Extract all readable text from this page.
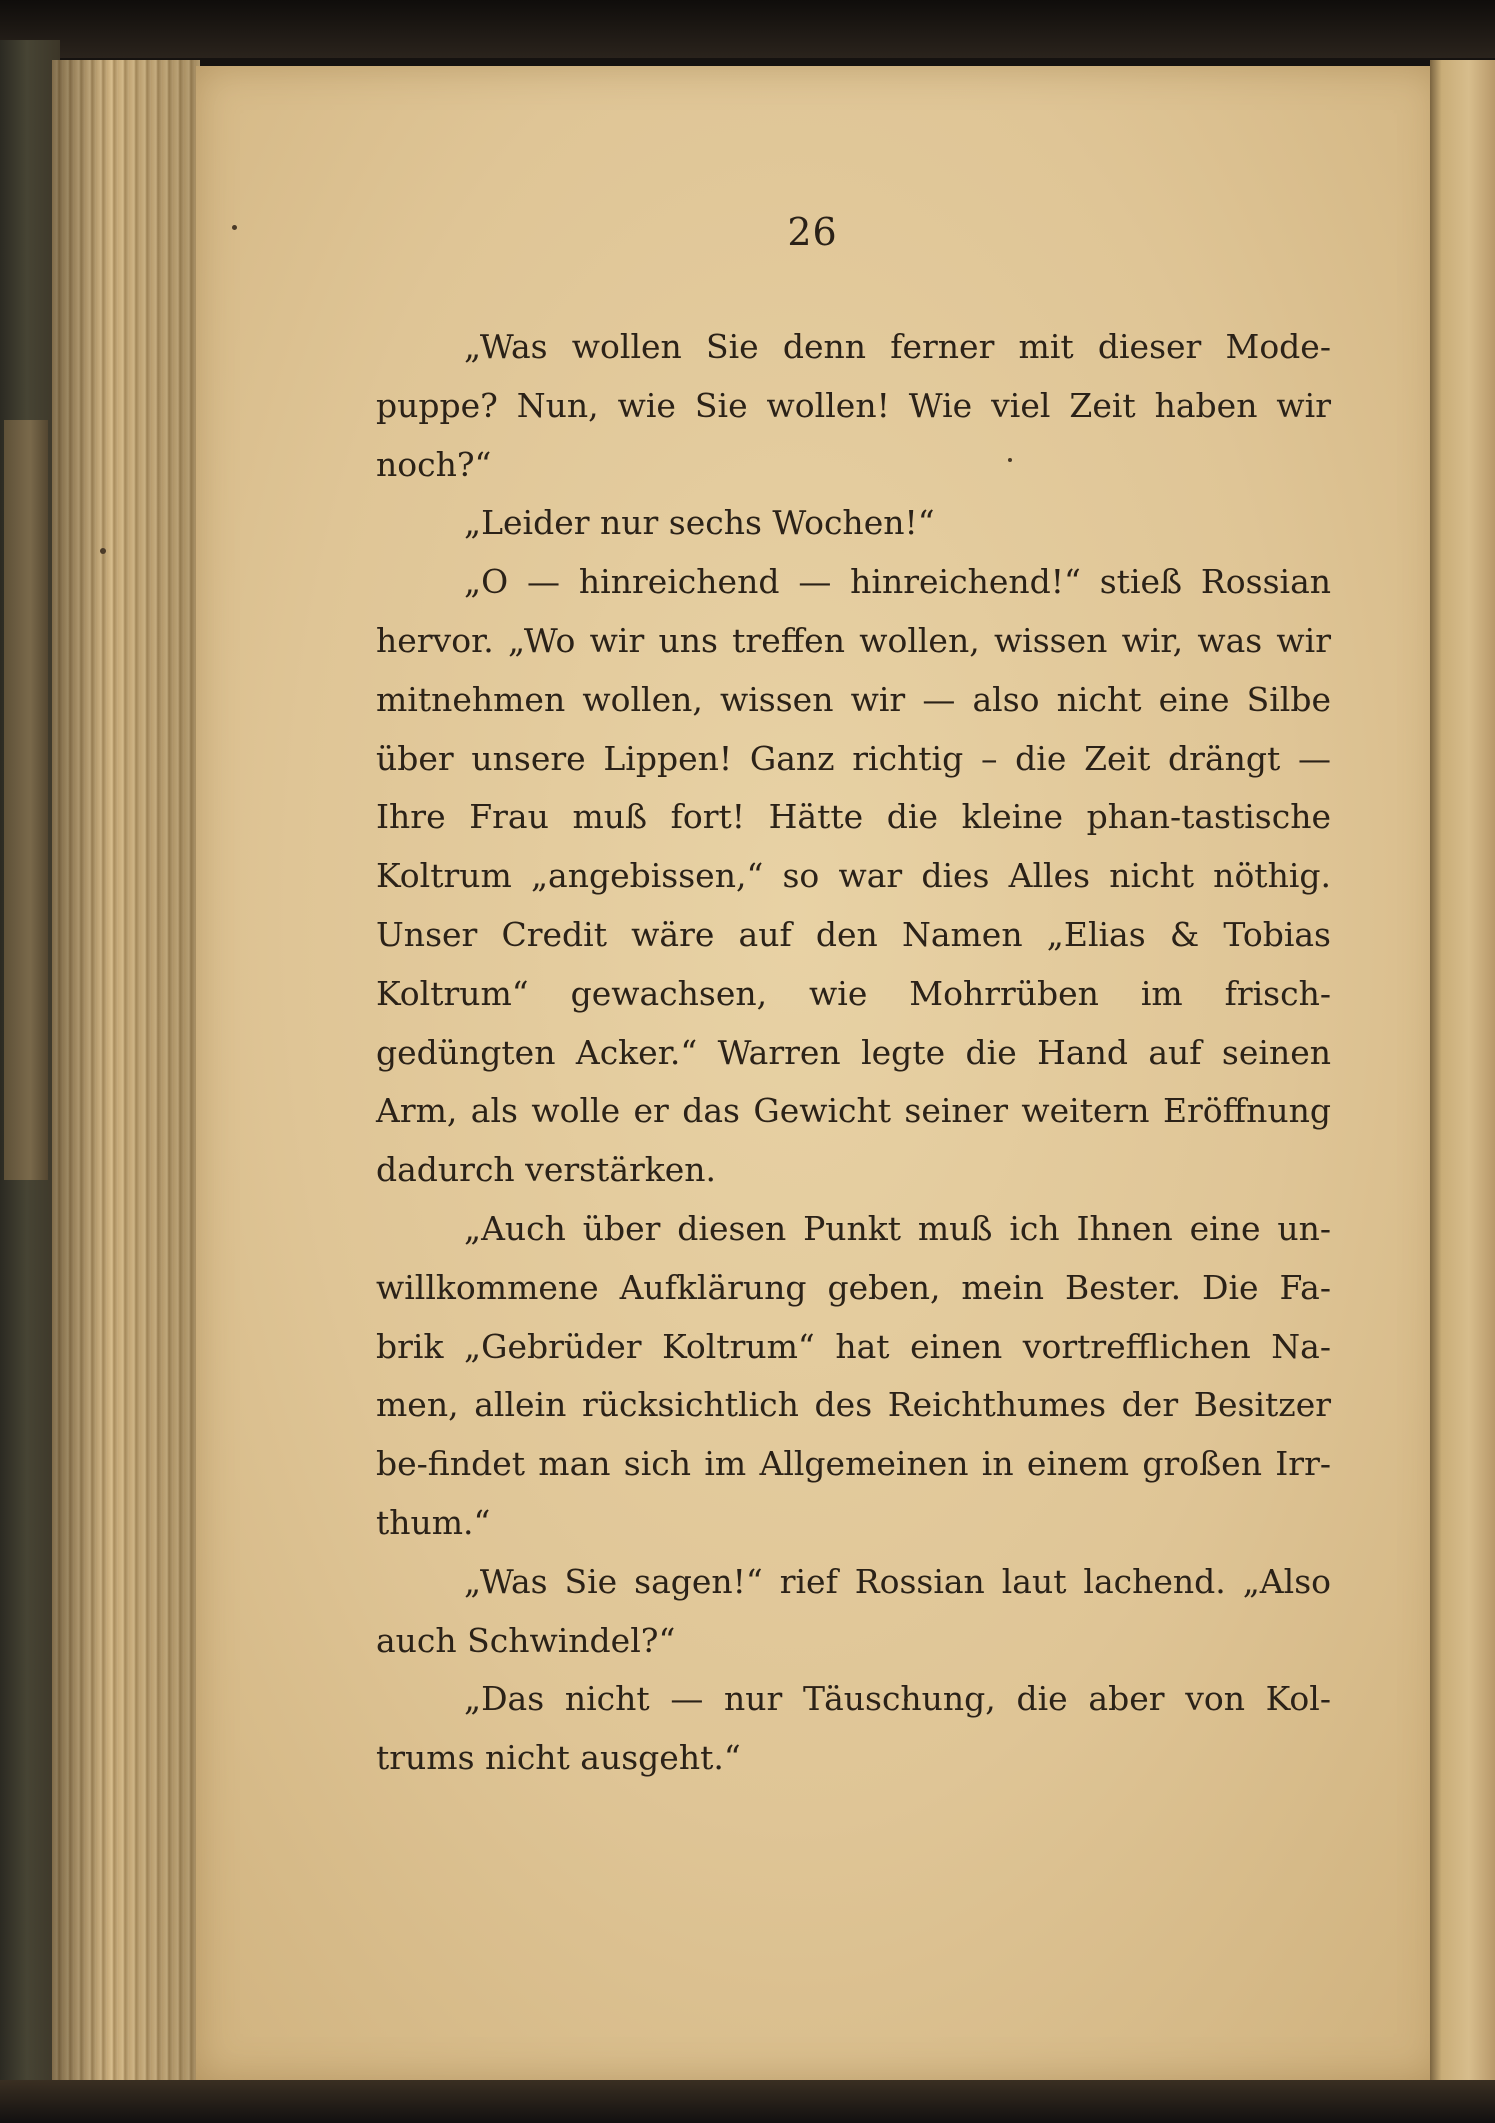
26

„Was wollen Sie denn ferner mit dieser Mode-puppe? Nun, wie Sie wollen! Wie viel Zeit haben wir noch?“

„Leider nur sechs Wochen!“

„O — hinreichend — hinreichend!“ stieß Rossian hervor. „Wo wir uns treffen wollen, wissen wir, was wir mitnehmen wollen, wissen wir — also nicht eine Silbe über unsere Lippen! Ganz richtig – die Zeit drängt — Ihre Frau muß fort! Hätte die kleine phan-tastische Koltrum „angebissen,“ so war dies Alles nicht nöthig. Unser Credit wäre auf den Namen „Elias & Tobias Koltrum“ gewachsen, wie Mohrrüben im frisch-gedüngten Acker.“ Warren legte die Hand auf seinen Arm, als wolle er das Gewicht seiner weitern Eröffnung dadurch verstärken.

„Auch über diesen Punkt muß ich Ihnen eine un-willkommene Aufklärung geben, mein Bester. Die Fa-brik „Gebrüder Koltrum“ hat einen vortrefflichen Na-men, allein rücksichtlich des Reichthumes der Besitzer be-findet man sich im Allgemeinen in einem großen Irr-thum.“

„Was Sie sagen!“ rief Rossian laut lachend. „Also auch Schwindel?“

„Das nicht — nur Täuschung, die aber von Kol-trums nicht ausgeht.“
